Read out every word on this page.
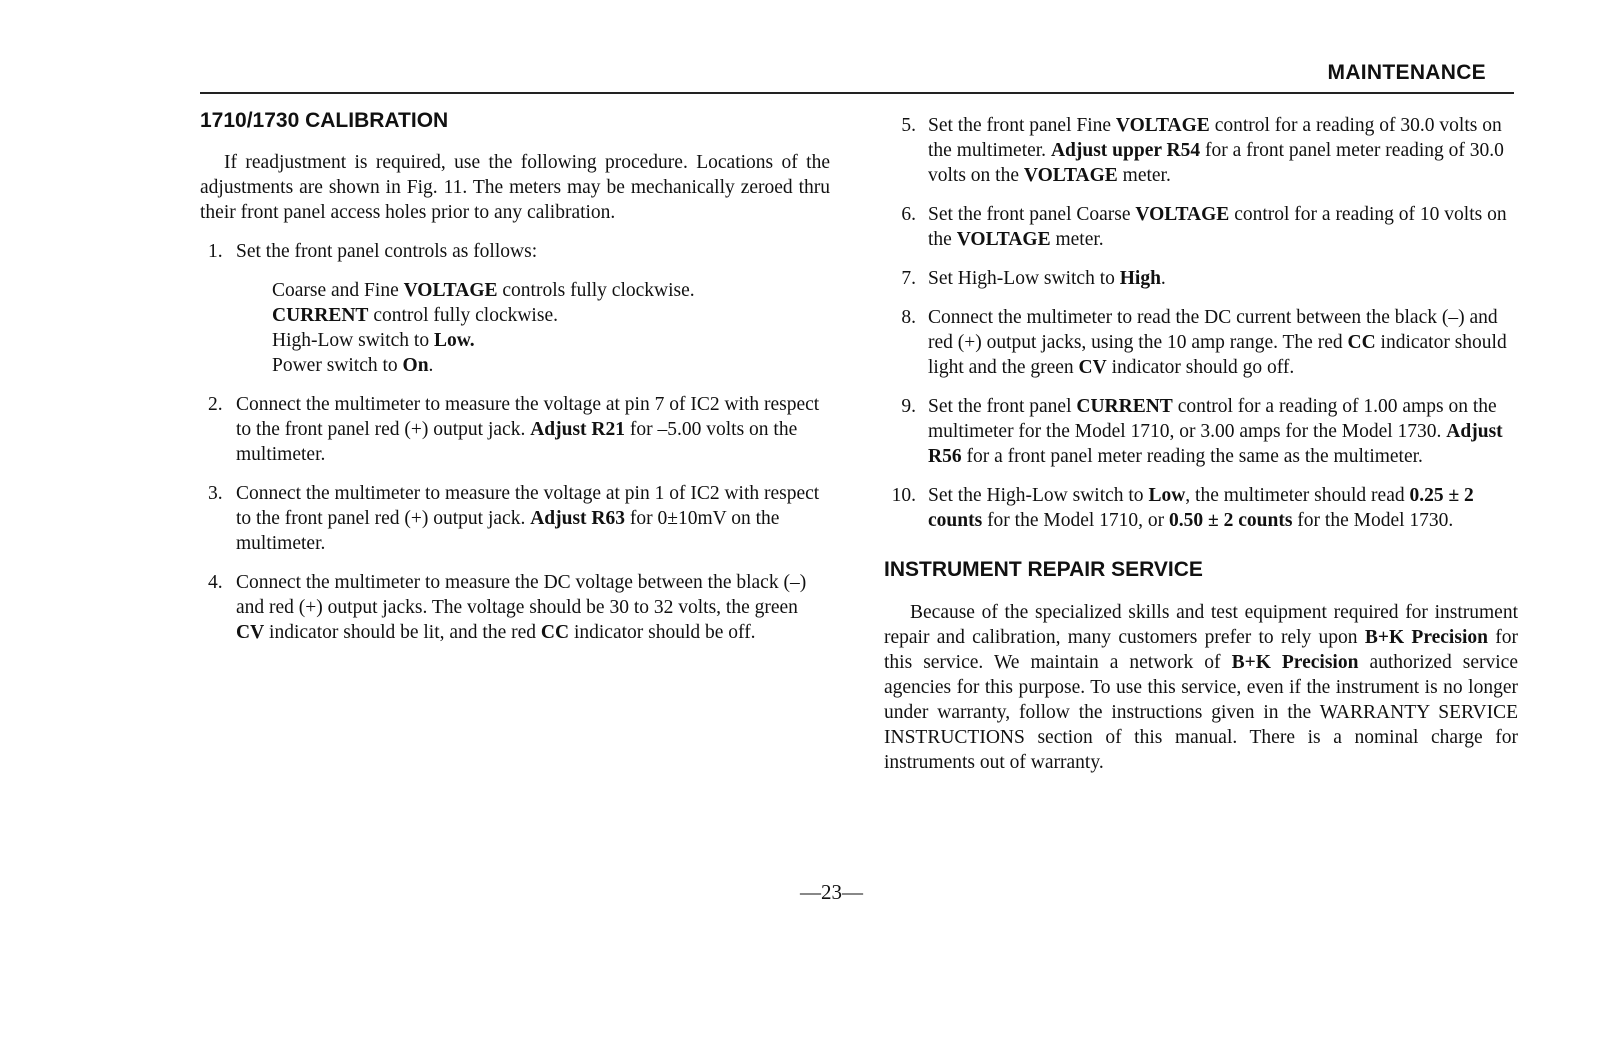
MAINTENANCE
1710/1730 CALIBRATION

If readjustment is required, use the following procedure. Locations of the adjustments are shown in Fig. 11. The meters may be mechanically zeroed thru their front panel access holes prior to any calibration.

1. Set the front panel controls as follows:
Coarse and Fine VOLTAGE controls fully clockwise.
CURRENT control fully clockwise.
High-Low switch to Low.
Power switch to On.
2. Connect the multimeter to measure the voltage at pin 7 of IC2 with respect to the front panel red (+) output jack. Adjust R21 for –5.00 volts on the multimeter.
3. Connect the multimeter to measure the voltage at pin 1 of IC2 with respect to the front panel red (+) output jack. Adjust R63 for 0±10mV on the multimeter.
4. Connect the multimeter to measure the DC voltage between the black (–) and red (+) output jacks. The voltage should be 30 to 32 volts, the green CV indicator should be lit, and the red CC indicator should be off.
5. Set the front panel Fine VOLTAGE control for a reading of 30.0 volts on the multimeter. Adjust upper R54 for a front panel meter reading of 30.0 volts on the VOLTAGE meter.
6. Set the front panel Coarse VOLTAGE control for a reading of 10 volts on the VOLTAGE meter.
7. Set High-Low switch to High.
8. Connect the multimeter to read the DC current between the black (–) and red (+) output jacks, using the 10 amp range. The red CC indicator should light and the green CV indicator should go off.
9. Set the front panel CURRENT control for a reading of 1.00 amps on the multimeter for the Model 1710, or 3.00 amps for the Model 1730. Adjust R56 for a front panel meter reading the same as the multimeter.
10. Set the High-Low switch to Low, the multimeter should read 0.25 ± 2 counts for the Model 1710, or 0.50 ± 2 counts for the Model 1730.
INSTRUMENT REPAIR SERVICE

Because of the specialized skills and test equipment required for instrument repair and calibration, many customers prefer to rely upon B+K Precision for this service. We maintain a network of B+K Precision authorized service agencies for this purpose. To use this service, even if the instrument is no longer under warranty, follow the instructions given in the WARRANTY SERVICE INSTRUCTIONS section of this manual. There is a nominal charge for instruments out of warranty.

—23—
